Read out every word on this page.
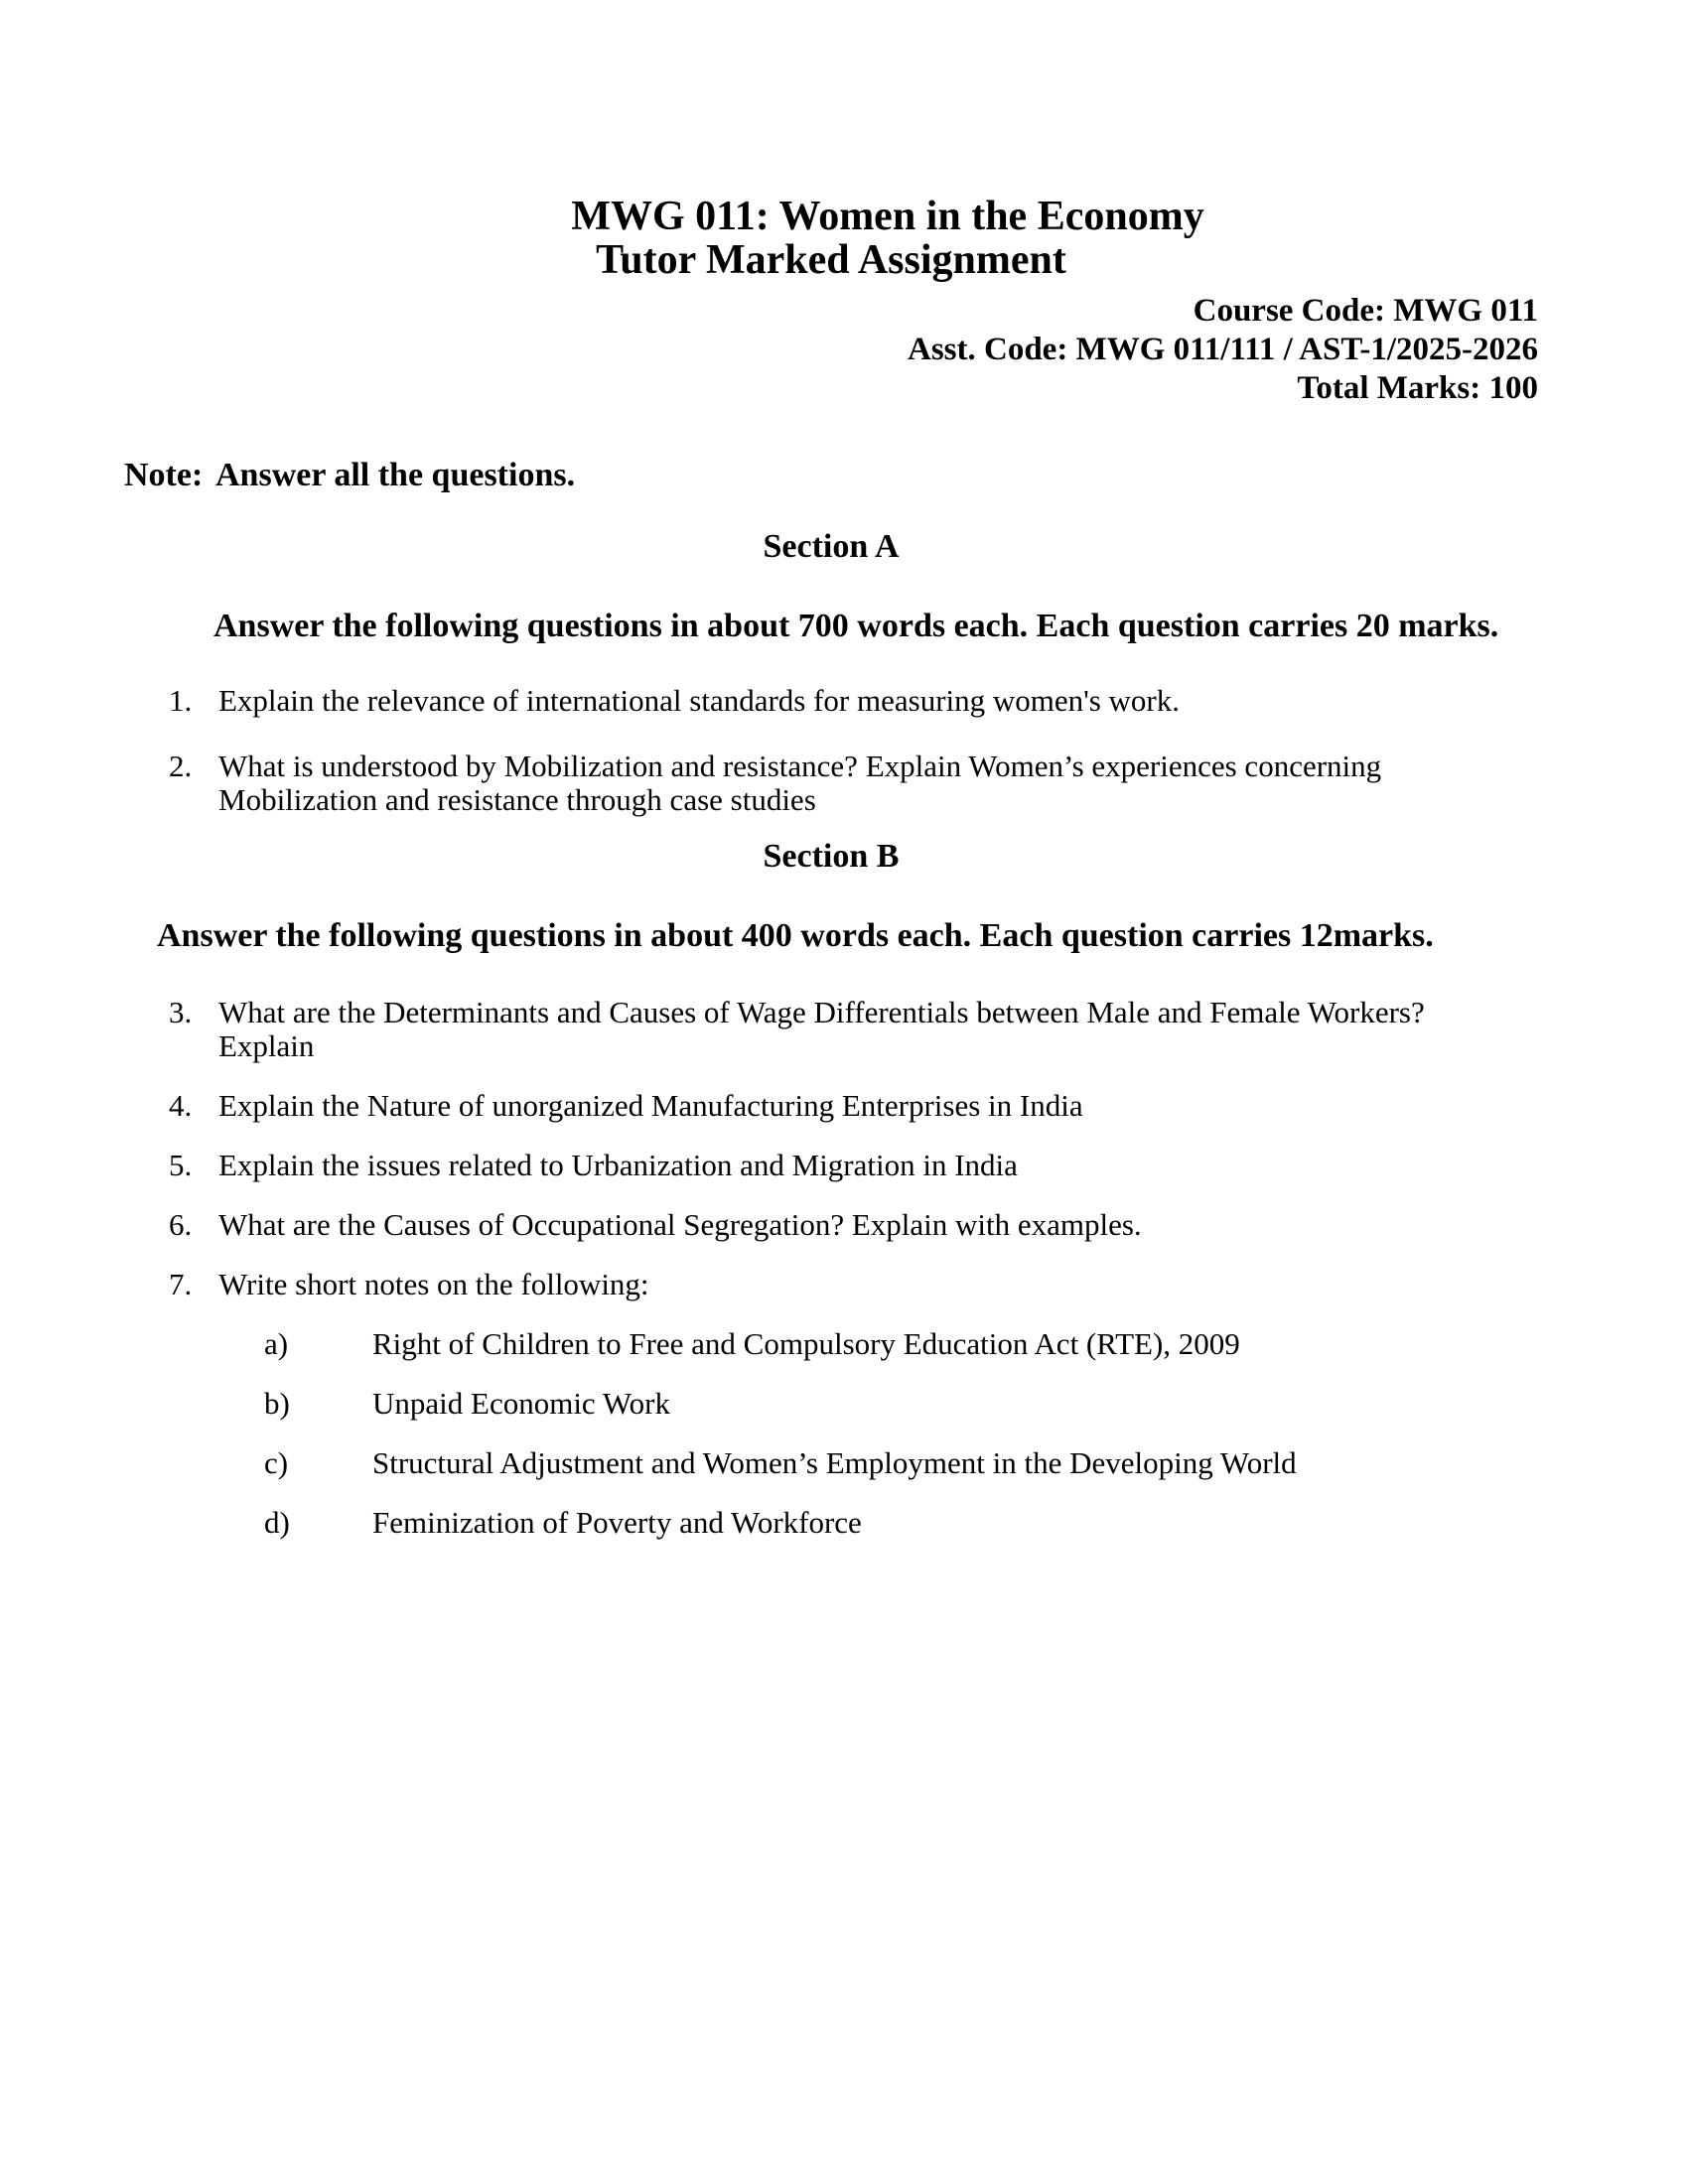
MWG 011: Women in the Economy
Tutor Marked Assignment
Course Code: MWG 011
Asst. Code: MWG 011/111 / AST-1/2025-2026
Total Marks: 100
Note: Answer all the questions.
Section A
Answer the following questions in about 700 words each. Each question carries 20 marks.
1. Explain the relevance of international standards for measuring women's work.
2. What is understood by Mobilization and resistance? Explain Women’s experiences concerning Mobilization and resistance through case studies
Section B
Answer the following questions in about 400 words each. Each question carries 12marks.
3. What are the Determinants and Causes of Wage Differentials between Male and Female Workers? Explain
4. Explain the Nature of unorganized Manufacturing Enterprises in India
5. Explain the issues related to Urbanization and Migration in India
6. What are the Causes of Occupational Segregation? Explain with examples.
7. Write short notes on the following:
a)	Right of Children to Free and Compulsory Education Act (RTE), 2009
b)	Unpaid Economic Work
c)	Structural Adjustment and Women’s Employment in the Developing World
d)	Feminization of Poverty and Workforce
